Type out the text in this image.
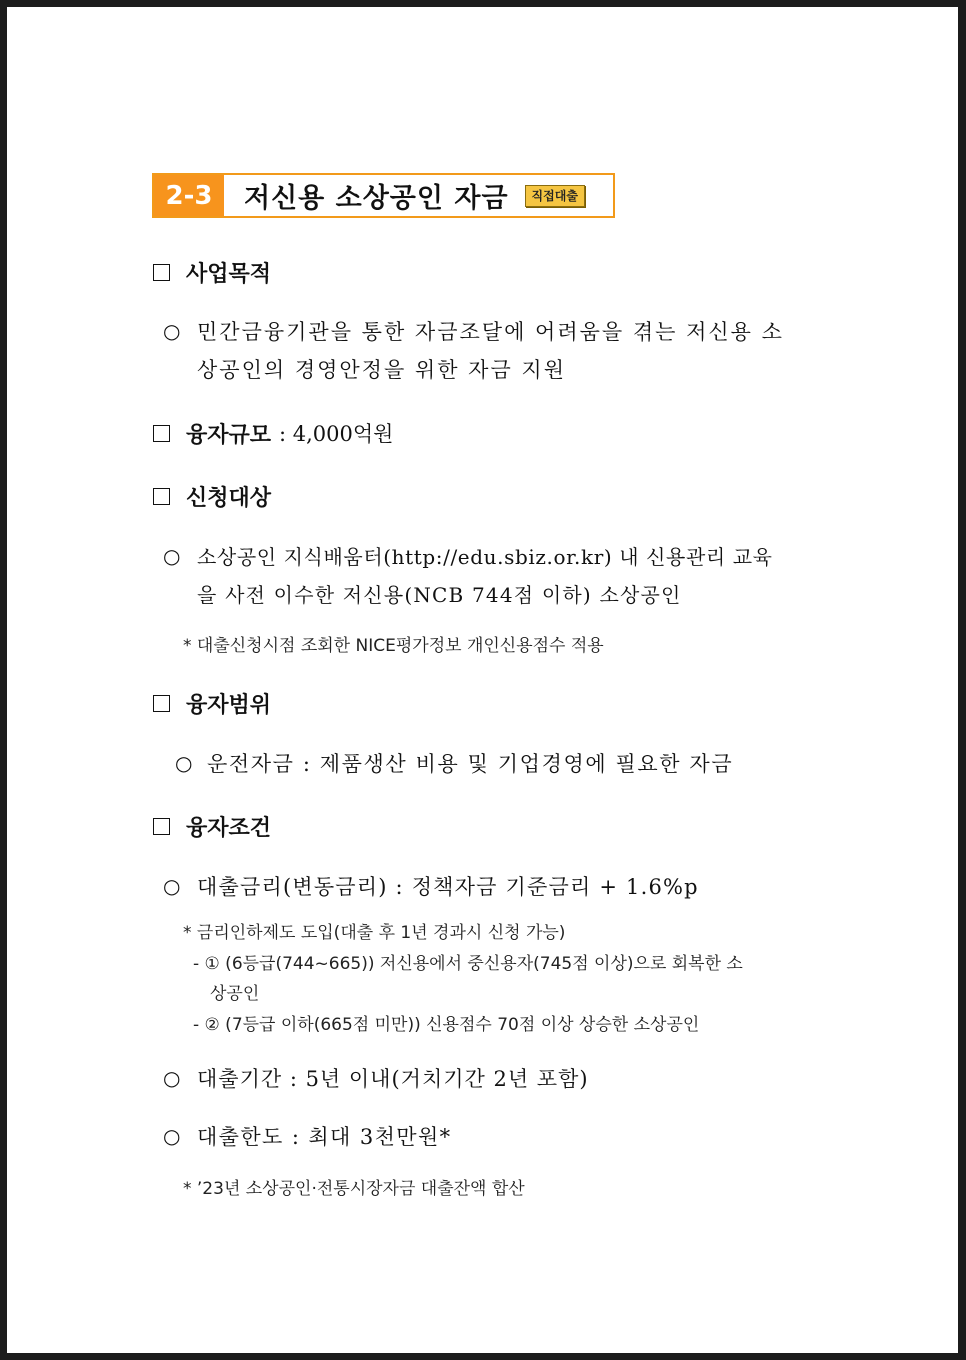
2-3	저신용 소상공인 자금	직접대출
사업목적
○ 민간금융기관을 통한 자금조달에 어려움을 겪는 저신용 소
상공인의 경영안정을 위한 자금 지원
융자규모 : 4,000억원
신청대상
○ 소상공인 지식배움터(http://edu.sbiz.or.kr) 내 신용관리 교육
을 사전 이수한 저신용(NCB 744점 이하) 소상공인
* 대출신청시점 조회한 NICE평가정보 개인신용점수 적용
융자범위
○ 운전자금 : 제품생산 비용 및 기업경영에 필요한 자금
융자조건
○ 대출금리(변동금리) : 정책자금 기준금리 + 1.6%p
* 금리인하제도 도입(대출 후 1년 경과시 신청 가능)
- ① (6등급(744~665)) 저신용에서 중신용자(745점 이상)으로 회복한 소
상공인
- ② (7등급 이하(665점 미만)) 신용점수 70점 이상 상승한 소상공인
○ 대출기간 : 5년 이내(거치기간 2년 포함)
○ 대출한도 : 최대 3천만원*
* ’23년 소상공인·전통시장자금 대출잔액 합산
